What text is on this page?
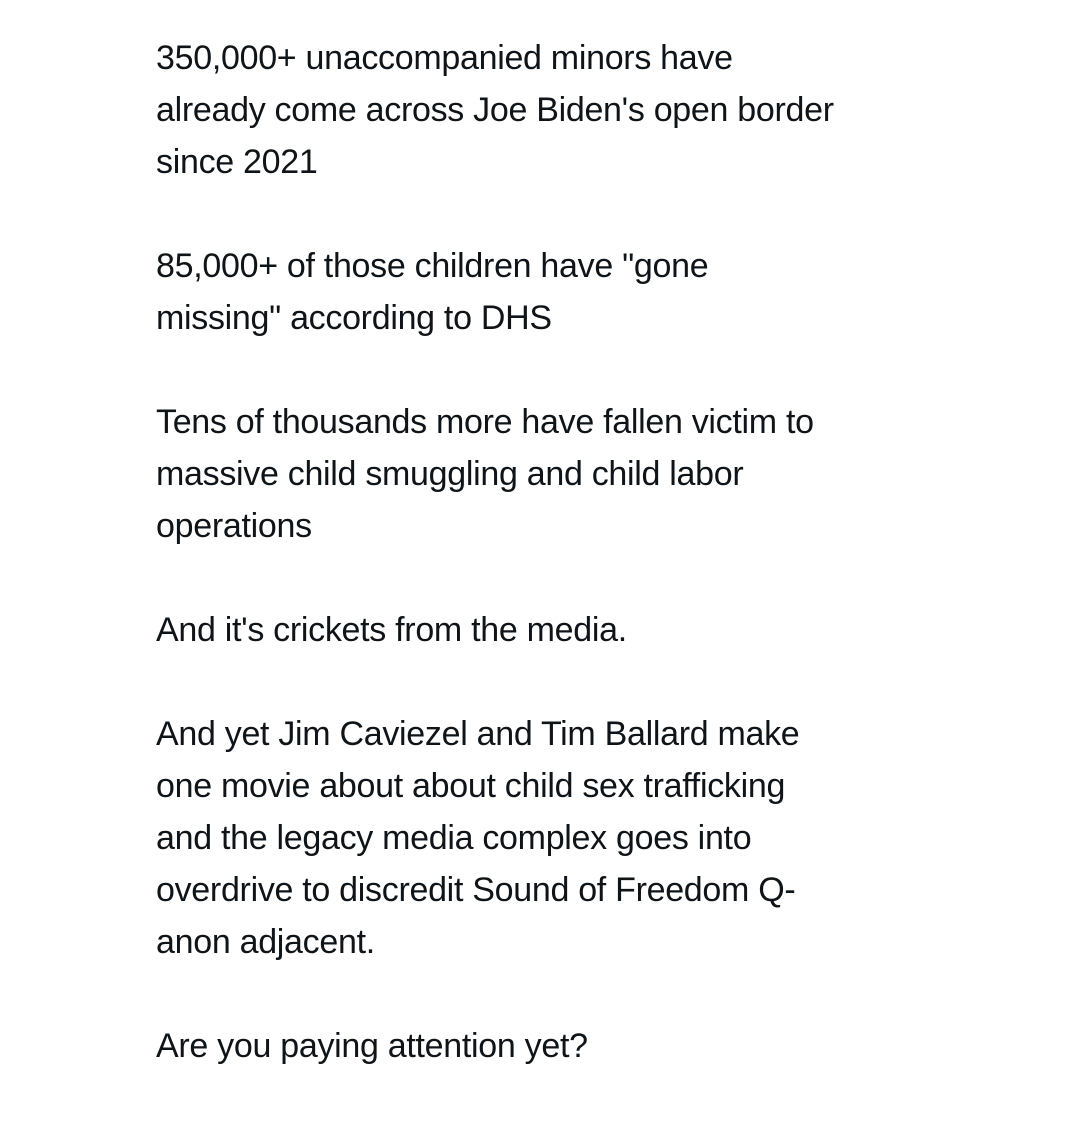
350,000+ unaccompanied minors have
already come across Joe Biden's open border
since 2021

85,000+ of those children have "gone
missing" according to DHS

Tens of thousands more have fallen victim to
massive child smuggling and child labor
operations

And it's crickets from the media.

And yet Jim Caviezel and Tim Ballard make
one movie about about child sex trafficking
and the legacy media complex goes into
overdrive to discredit Sound of Freedom Q-
anon adjacent.

Are you paying attention yet?
